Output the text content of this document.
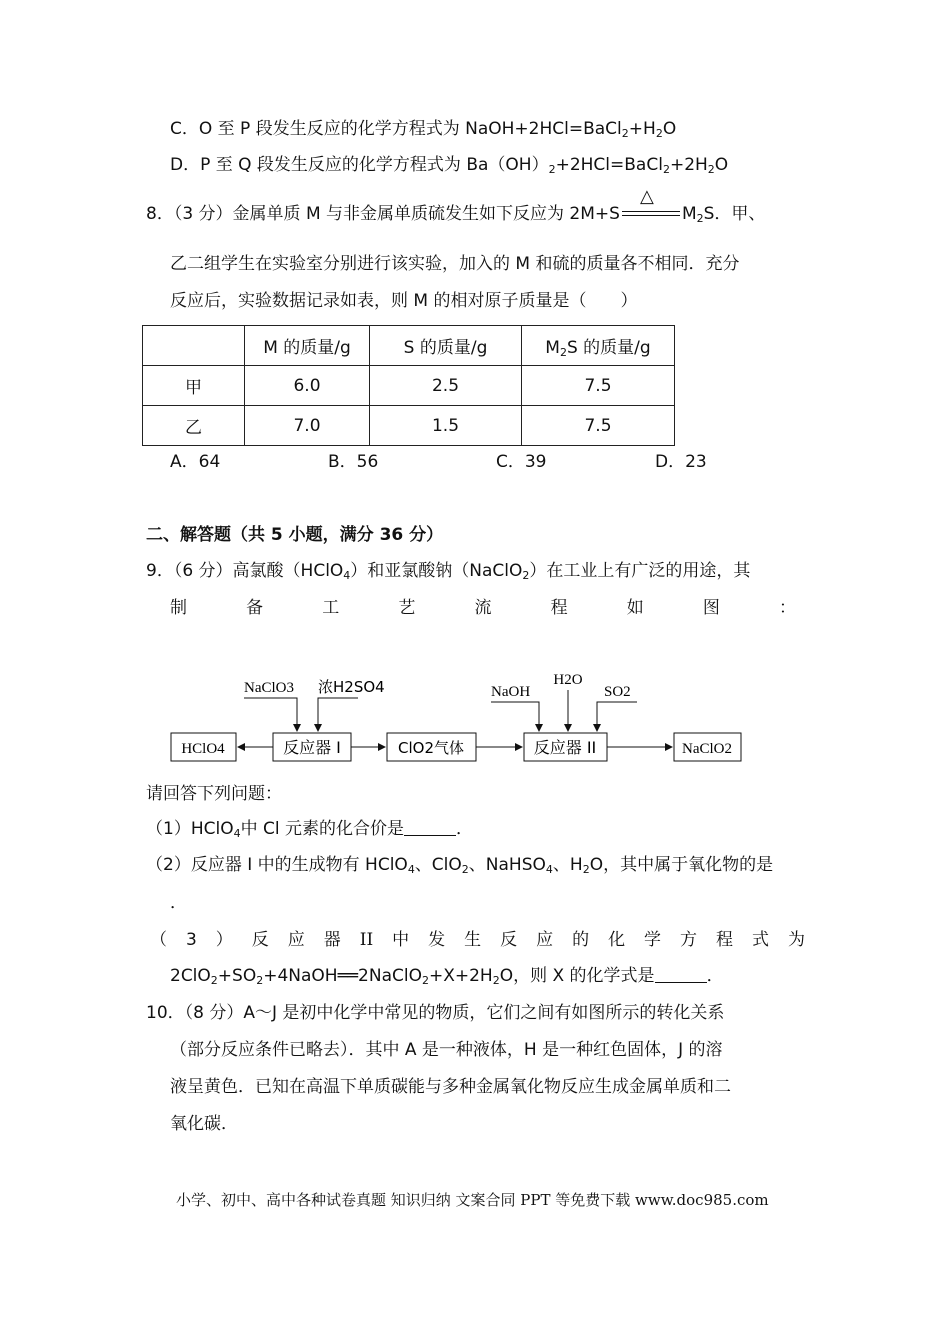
C．O 至 P 段发生反应的化学方程式为 $NaOH+2HCl=BaCl_2+H_2O$
D．P 至 Q 段发生反应的化学方程式为 $Ba(OH)_2+2HCl=BaCl_2+2H_2O$
8．（3 分）金属单质 M 与非金属单质硫发生如下反应为 2M+S
△
$M_2S$．甲、
乙二组学生在实验室分别进行该实验，加入的 M 和硫的质量各不相同．充分
反应后，实验数据记录如表，则 M 的相对原子质量是（　　）
	M 的质量/g	S 的质量/g	$M_2S$ 的质量/g
甲	6.0	2.5	7.5
乙	7.0	1.5	7.5
A．64	B．56	C．39	D．23
二、解答题（共 5 小题，满分 36 分）
9．（6 分）高氯酸（HClO$_4$）和亚氯酸钠（NaClO$_2$）在工业上有广泛的用途，其
制	备	工	艺	流	程	如	图	：
HClO4	反应器 I	ClO2气体	反应器 II	NaClO2
NaClO3 浓H2SO4	NaOH
H2O
SO2
请回答下列问题：
（1）HClO$_4$中 Cl 元素的化合价是	．
（2）反应器 I 中的生成物有 HClO$_4$、ClO$_2$、NaHSO$_4$、$H_2O$，其中属于氧化物的是
．
（ 3 ） 反 应 器 II 中 发 生 反 应 的 化 学 方 程 式 为
$2ClO_2+SO_2+4NaOH══2NaClO_2+X+2H_2O$，则 X 的化学式是	．
10．（8 分）A～J 是初中化学中常见的物质，它们之间有如图所示的转化关系
（部分反应条件已略去）．其中 A 是一种液体，H 是一种红色固体，J 的溶
液呈黄色．已知在高温下单质碳能与多种金属氧化物反应生成金属单质和二
氧化碳．
小学、初中、高中各种试卷真题 知识归纳 文案合同 PPT 等免费下载 www.doc985.com
